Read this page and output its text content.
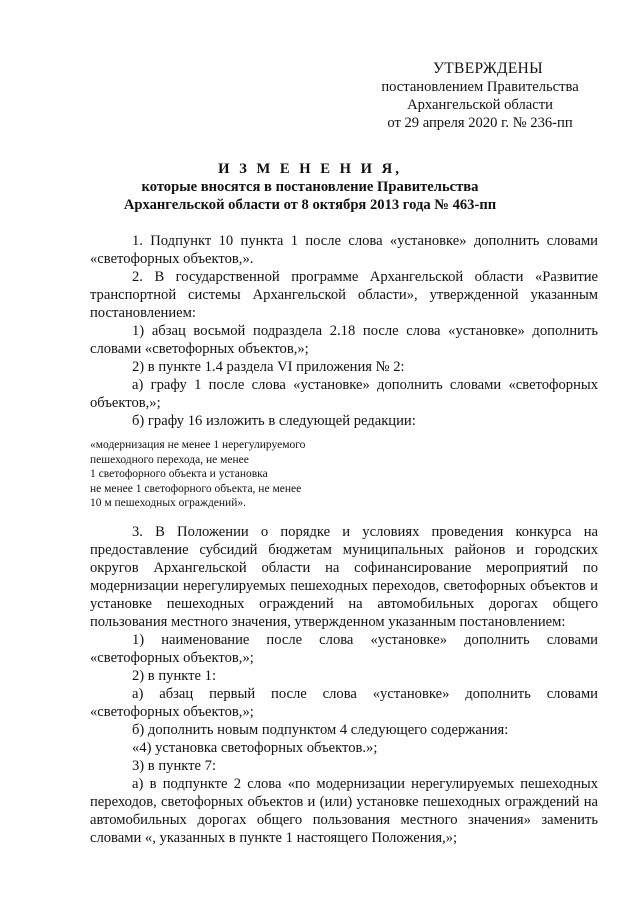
УТВЕРЖДЕНЫ
постановлением Правительства
Архангельской области
от 29 апреля 2020 г. № 236-пп
И З М Е Н Е Н И Я,
которые вносятся в постановление Правительства
Архангельской области от 8 октября 2013 года № 463-пп

1. Подпункт 10 пункта 1 после слова «установке» дополнить словами «светофорных объектов,».

2. В государственной программе Архангельской области «Развитие транспортной системы Архангельской области», утвержденной указанным постановлением:

1) абзац восьмой подраздела 2.18 после слова «установке» дополнить словами «светофорных объектов,»;

2) в пункте 1.4 раздела VI приложения № 2:

а) графу 1 после слова «установке» дополнить словами «светофорных объектов,»;

б) графу 16 изложить в следующей редакции:

«модернизация не менее 1 нерегулируемого
пешеходного перехода, не менее
1 светофорного объекта и установка
не менее 1 светофорного объекта, не менее
10 м пешеходных ограждений».

3. В Положении о порядке и условиях проведения конкурса на предоставление субсидий бюджетам муниципальных районов и городских округов Архангельской области на софинансирование мероприятий по модернизации нерегулируемых пешеходных переходов, светофорных объектов и установке пешеходных ограждений на автомобильных дорогах общего пользования местного значения, утвержденном указанным постановлением:

1) наименование после слова «установке» дополнить словами «светофорных объектов,»;

2) в пункте 1:

а) абзац первый после слова «установке» дополнить словами «светофорных объектов,»;

б) дополнить новым подпунктом 4 следующего содержания:

«4) установка светофорных объектов.»;

3) в пункте 7:

а) в подпункте 2 слова «по модернизации нерегулируемых пешеходных переходов, светофорных объектов и (или) установке пешеходных ограждений на автомобильных дорогах общего пользования местного значения» заменить словами «, указанных в пункте 1 настоящего Положения,»;
